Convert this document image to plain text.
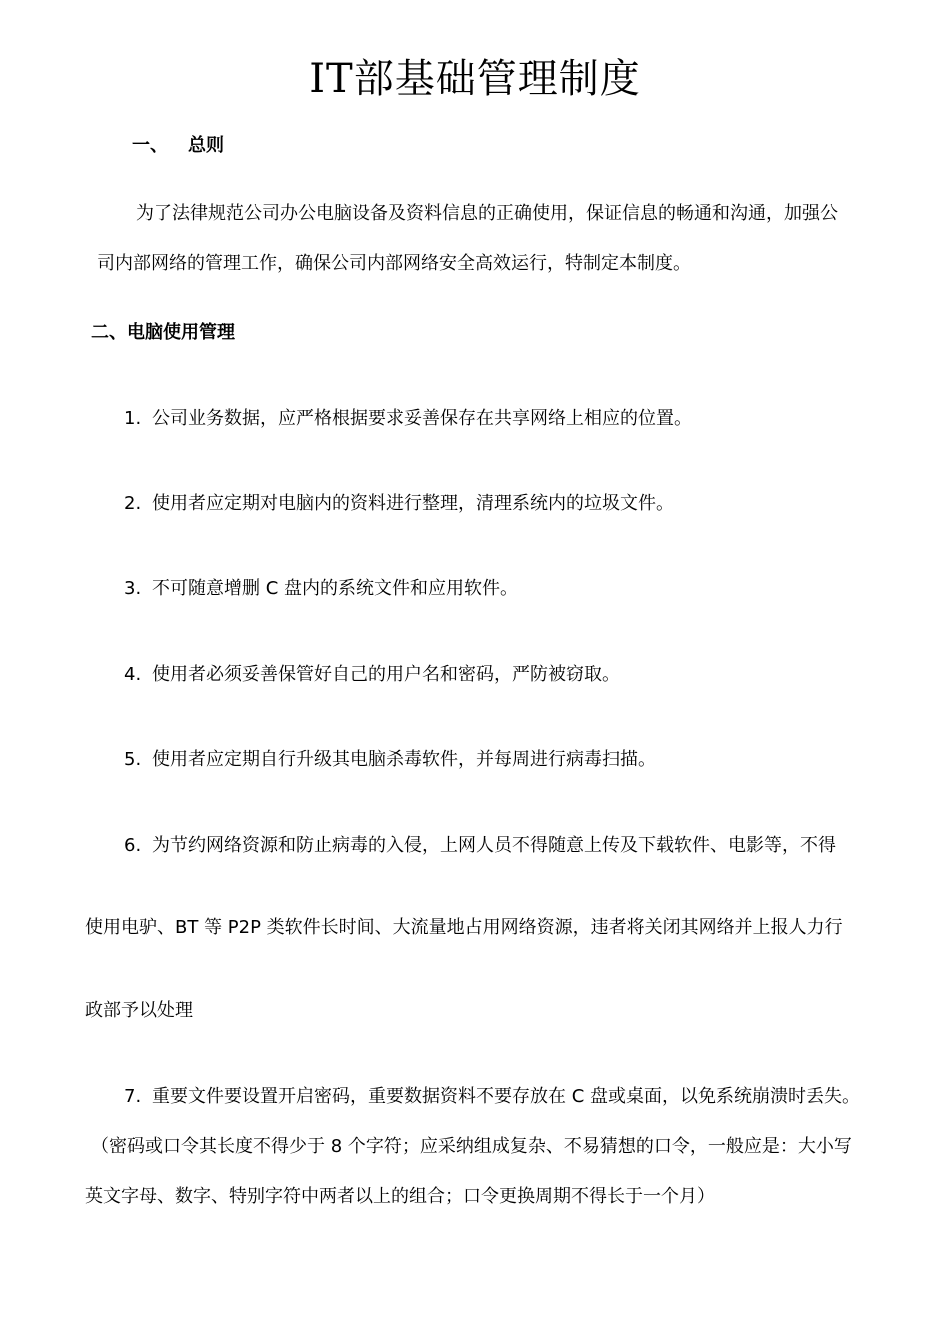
IT部基础管理制度
一、 总则
为了法律规范公司办公电脑设备及资料信息的正确使用，保证信息的畅通和沟通，加强公
司内部网络的管理工作，确保公司内部网络安全高效运行，特制定本制度。
二、电脑使用管理
1. 公司业务数据，应严格根据要求妥善保存在共享网络上相应的位置。
2. 使用者应定期对电脑内的资料进行整理，清理系统内的垃圾文件。
3. 不可随意增删 C 盘内的系统文件和应用软件。
4. 使用者必须妥善保管好自己的用户名和密码，严防被窃取。
5. 使用者应定期自行升级其电脑杀毒软件，并每周进行病毒扫描。
6. 为节约网络资源和防止病毒的入侵，上网人员不得随意上传及下载软件、电影等，不得
使用电驴、BT 等 P2P 类软件长时间、大流量地占用网络资源，违者将关闭其网络并上报人力行
政部予以处理
7. 重要文件要设置开启密码，重要数据资料不要存放在 C 盘或桌面，以免系统崩溃时丢失。
（密码或口令其长度不得少于 8 个字符；应采纳组成复杂、不易猜想的口令，一般应是：大小写
英文字母、数字、特别字符中两者以上的组合；口令更换周期不得长于一个月）
